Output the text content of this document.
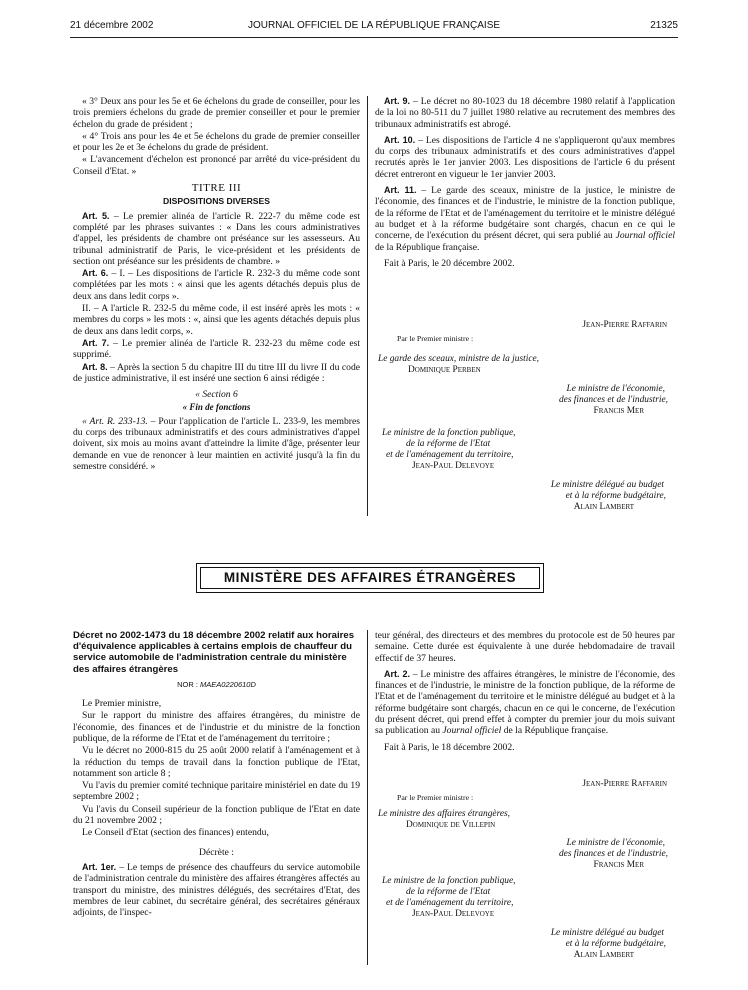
21 décembre 2002	JOURNAL OFFICIEL DE LA RÉPUBLIQUE FRANÇAISE	21325

« 3° Deux ans pour les 5e et 6e échelons du grade de conseiller, pour les trois premiers échelons du grade de premier conseiller et pour le premier échelon du grade de président ;

« 4° Trois ans pour les 4e et 5e échelons du grade de premier conseiller et pour les 2e et 3e échelons du grade de président.

« L'avancement d'échelon est prononcé par arrêté du vice-président du Conseil d'Etat. »

TITRE III
DISPOSITIONS DIVERSES

Art. 5. – Le premier alinéa de l'article R. 222-7 du même code est complété par les phrases suivantes : « Dans les cours administratives d'appel, les présidents de chambre ont préséance sur les assesseurs. Au tribunal administratif de Paris, le vice-président et les présidents de section ont préséance sur les présidents de chambre. »

Art. 6. – I. – Les dispositions de l'article R. 232-3 du même code sont complétées par les mots : « ainsi que les agents détachés depuis plus de deux ans dans ledit corps ».

II. – A l'article R. 232-5 du même code, il est inséré après les mots : « membres du corps » les mots : «, ainsi que les agents détachés depuis plus de deux ans dans ledit corps, ».

Art. 7. – Le premier alinéa de l'article R. 232-23 du même code est supprimé.

Art. 8. – Après la section 5 du chapitre III du titre III du livre II du code de justice administrative, il est inséré une section 6 ainsi rédigée :

« Section 6
« Fin de fonctions

« Art. R. 233-13. – Pour l'application de l'article L. 233-9, les membres du corps des tribunaux administratifs et des cours administratives d'appel doivent, six mois au moins avant d'atteindre la limite d'âge, présenter leur demande en vue de renoncer à leur maintien en activité jusqu'à la fin du semestre considéré. »

Art. 9. – Le décret no 80-1023 du 18 décembre 1980 relatif à l'application de la loi no 80-511 du 7 juillet 1980 relative au recrutement des membres des tribunaux administratifs est abrogé.

Art. 10. – Les dispositions de l'article 4 ne s'appliqueront qu'aux membres du corps des tribunaux administratifs et des cours administratives d'appel recrutés après le 1er janvier 2003. Les dispositions de l'article 6 du présent décret entreront en vigueur le 1er janvier 2003.

Art. 11. – Le garde des sceaux, ministre de la justice, le ministre de l'économie, des finances et de l'industrie, le ministre de la fonction publique, de la réforme de l'Etat et de l'aménagement du territoire et le ministre délégué au budget et à la réforme budgétaire sont chargés, chacun en ce qui le concerne, de l'exécution du présent décret, qui sera publié au Journal officiel de la République française.

Fait à Paris, le 20 décembre 2002.

Jean-Pierre Raffarin
Par le Premier ministre :
Le garde des sceaux, ministre de la justice,
Dominique Perben
Le ministre de l'économie,
des finances et de l'industrie,
Francis Mer
Le ministre de la fonction publique,
de la réforme de l'Etat
et de l'aménagement du territoire,
Jean-Paul Delevoye
Le ministre délégué au budget
et à la réforme budgétaire,
Alain Lambert
MINISTÈRE DES AFFAIRES ÉTRANGÈRES
Décret no 2002-1473 du 18 décembre 2002 relatif aux horaires d'équivalence applicables à certains emplois de chauffeur du service automobile de l'administration centrale du ministère des affaires étrangères
NOR : MAEA0220610D

Le Premier ministre,

Sur le rapport du ministre des affaires étrangères, du ministre de l'économie, des finances et de l'industrie et du ministre de la fonction publique, de la réforme de l'Etat et de l'aménagement du territoire ;

Vu le décret no 2000-815 du 25 août 2000 relatif à l'aménagement et à la réduction du temps de travail dans la fonction publique de l'Etat, notamment son article 8 ;

Vu l'avis du premier comité technique paritaire ministériel en date du 19 septembre 2002 ;

Vu l'avis du Conseil supérieur de la fonction publique de l'Etat en date du 21 novembre 2002 ;

Le Conseil d'Etat (section des finances) entendu,

Décrète :

Art. 1er. – Le temps de présence des chauffeurs du service automobile de l'administration centrale du ministère des affaires étrangères affectés au transport du ministre, des ministres délégués, des secrétaires d'Etat, des membres de leur cabinet, du secrétaire général, des secrétaires généraux adjoints, de l'inspec-

teur général, des directeurs et des membres du protocole est de 50 heures par semaine. Cette durée est équivalente à une durée hebdomadaire de travail effectif de 37 heures.

Art. 2. – Le ministre des affaires étrangères, le ministre de l'économie, des finances et de l'industrie, le ministre de la fonction publique, de la réforme de l'Etat et de l'aménagement du territoire et le ministre délégué au budget et à la réforme budgétaire sont chargés, chacun en ce qui le concerne, de l'exécution du présent décret, qui prend effet à compter du premier jour du mois suivant sa publication au Journal officiel de la République française.

Fait à Paris, le 18 décembre 2002.

Jean-Pierre Raffarin
Par le Premier ministre :
Le ministre des affaires étrangères,
Dominique de Villepin
Le ministre de l'économie,
des finances et de l'industrie,
Francis Mer
Le ministre de la fonction publique,
de la réforme de l'Etat
et de l'aménagement du territoire,
Jean-Paul Delevoye
Le ministre délégué au budget
et à la réforme budgétaire,
Alain Lambert
